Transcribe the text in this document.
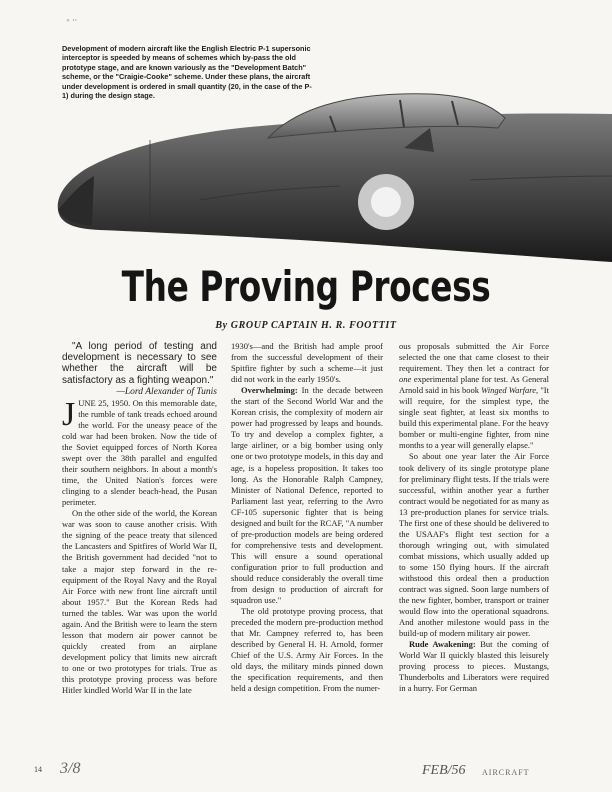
° ''
Development of modern aircraft like the English Electric P-1 supersonic interceptor is speeded by means of schemes which by-pass the old prototype stage, and are known variously as the "Development Batch" scheme, or the "Craigie-Cooke" scheme. Under these plans, the aircraft under development is ordered in small quantity (20, in the case of the P-1) during the design stage.
The Proving Process
By GROUP CAPTAIN H. R. FOOTTIT

"A long period of testing and development is necessary to see whether the aircraft will be satisfactory as a fighting weapon."

—Lord Alexander of Tunis

JUNE 25, 1950. On this memorable date, the rumble of tank treads echoed around the world. For the uneasy peace of the cold war had been broken. Now the tide of the Soviet equipped forces of North Korea swept over the 38th parallel and engulfed their southern neighbors. In about a month's time, the United Nation's forces were clinging to a slender beach-head, the Pusan perimeter.

On the other side of the world, the Korean war was soon to cause another crisis. With the signing of the peace treaty that silenced the Lancasters and Spitfires of World War II, the British government had decided "not to take a major step forward in the re-equipment of the Royal Navy and the Royal Air Force with new front line aircraft until about 1957." But the Korean Reds had turned the tables. War was upon the world again. And the British were to learn the stern lesson that modern air power cannot be quickly created from an airplane development policy that limits new aircraft to one or two prototypes for trials. True as this prototype proving process was before Hitler kindled World War II in the late

1930's—and the British had ample proof from the successful development of their Spitfire fighter by such a scheme—it just did not work in the early 1950's.

Overwhelming: In the decade between the start of the Second World War and the Korean crisis, the complexity of modern air power had progressed by leaps and bounds. To try and develop a complex fighter, a large airliner, or a big bomber using only one or two prototype models, in this day and age, is a hopeless proposition. It takes too long. As the Honorable Ralph Campney, Minister of National Defence, reported to Parliament last year, referring to the Avro CF-105 supersonic fighter that is being designed and built for the RCAF, "A number of pre-production models are being ordered for comprehensive tests and development. This will ensure a sound operational configuration prior to full production and should reduce considerably the overall time from design to production of aircraft for squadron use."

The old prototype proving process, that preceded the modern pre-production method that Mr. Campney referred to, has been described by General H. H. Arnold, former Chief of the U.S. Army Air Forces. In the old days, the military minds pinned down the specification requirements, and then held a design competition. From the numer-

ous proposals submitted the Air Force selected the one that came closest to their requirement. They then let a contract for one experimental plane for test. As General Arnold said in his book Winged Warfare, "It will require, for the simplest type, the single seat fighter, at least six months to build this experimental plane. For the heavy bomber or multi-engine fighter, from nine months to a year will generally elapse."

So about one year later the Air Force took delivery of its single prototype plane for preliminary flight tests. If the trials were successful, within another year a further contract would be negotiated for as many as 13 pre-production planes for service trials. The first one of these should be delivered to the USAAF's flight test section for a thorough wringing out, with simulated combat missions, which usually added up to some 150 flying hours. If the aircraft withstood this ordeal then a production contract was signed. Soon large numbers of the new fighter, bomber, transport or trainer would flow into the operational squadrons. And another milestone would pass in the build-up of modern military air power.

Rude Awakening: But the coming of World War II quickly blasted this leisurely proving process to pieces. Mustangs, Thunderbolts and Liberators were required in a hurry. For German

14 3/8	FEB/56 AIRCRAFT
